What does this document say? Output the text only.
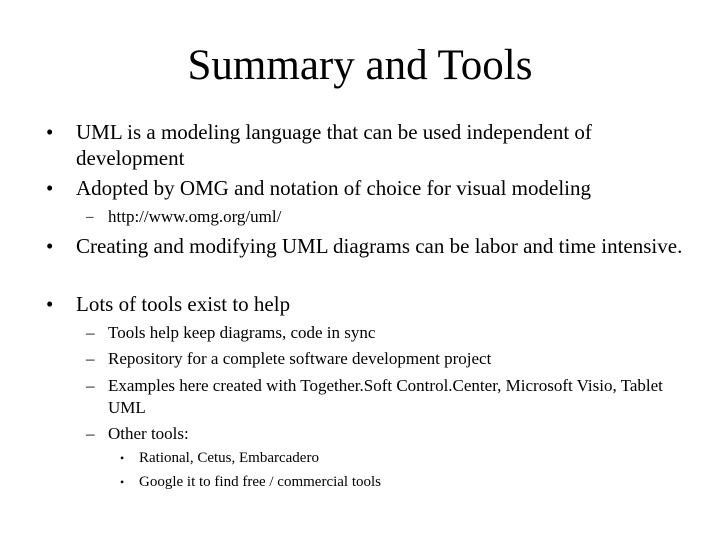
Summary and Tools
• UML is a modeling language that can be used independent of development
• Adopted by OMG and notation of choice for visual modeling
– http://www.omg.org/uml/
• Creating and modifying UML diagrams can be labor and time intensive.
• Lots of tools exist to help
– Tools help keep diagrams, code in sync
– Repository for a complete software development project
– Examples here created with Together.Soft Control.Center, Microsoft Visio, Tablet UML
– Other tools:
• Rational, Cetus, Embarcadero
• Google it to find free / commercial tools
